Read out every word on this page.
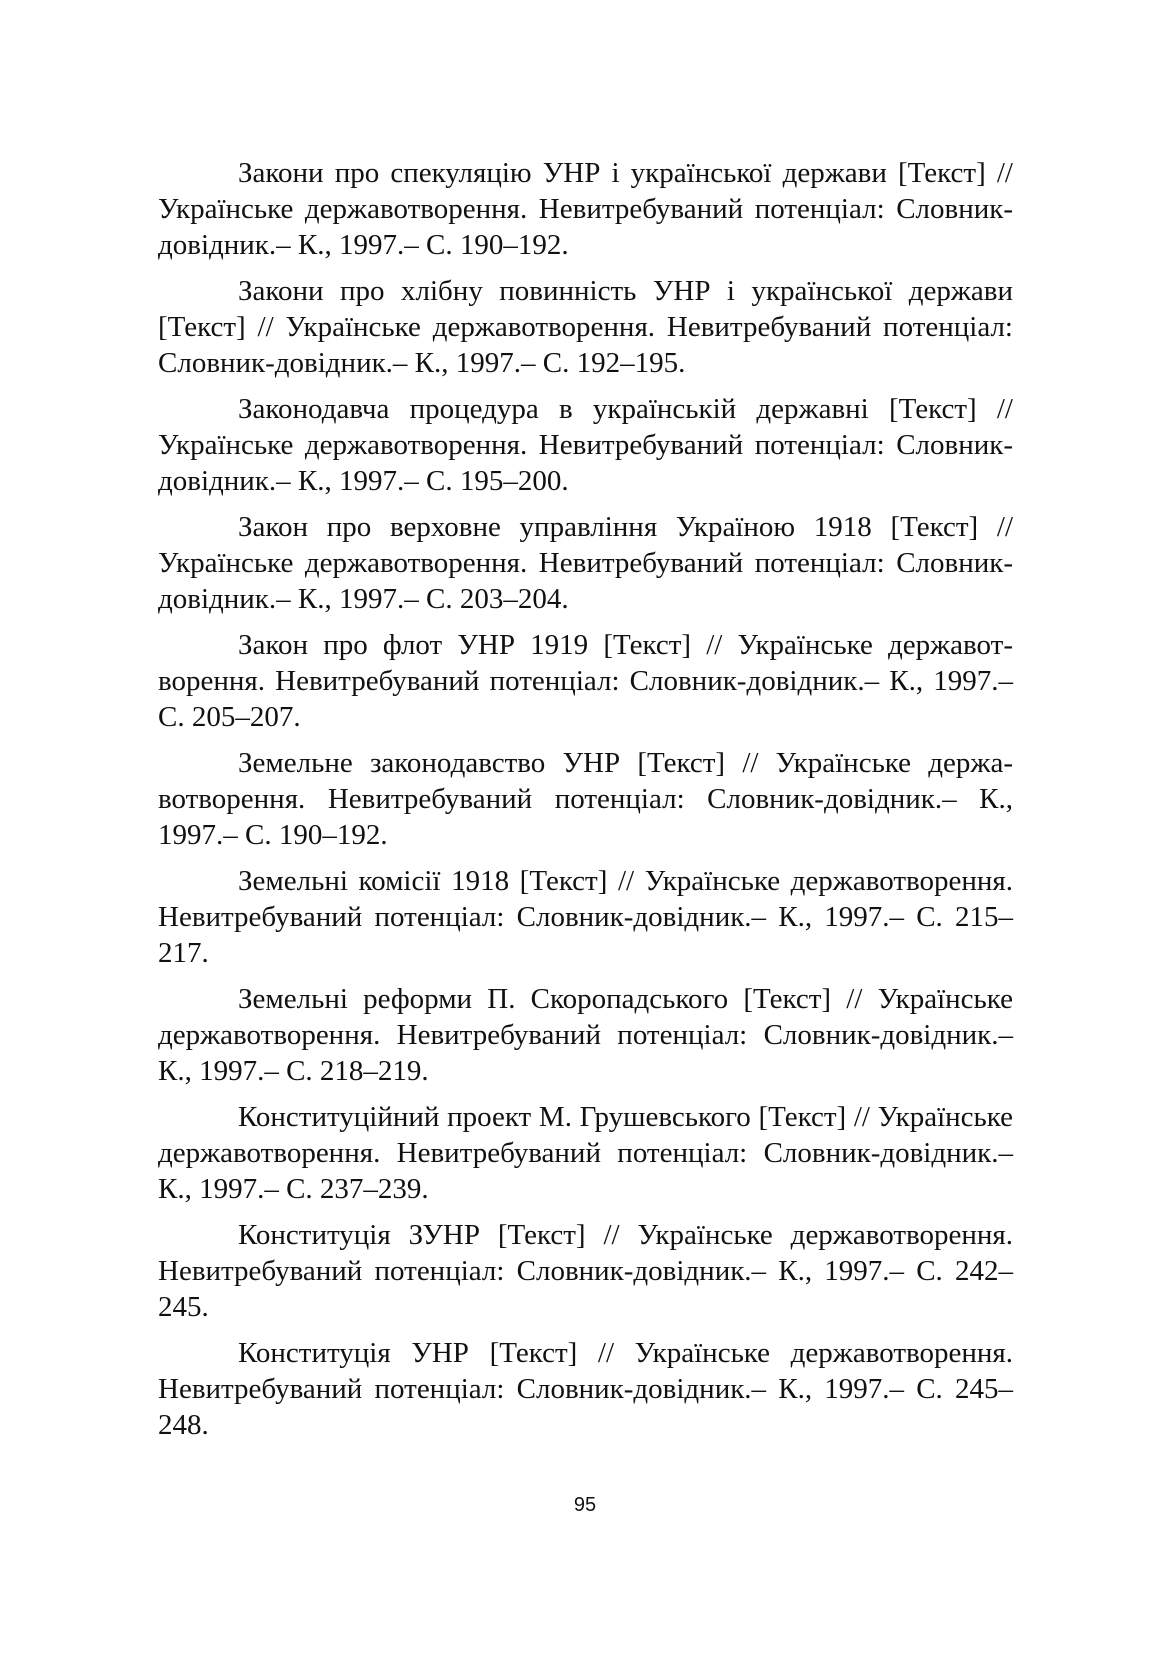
Закони про спекуляцію УНР і української держави [Текст] // Українське державотворення. Невитребуваний потенціал: Словник-довідник.– К., 1997.– С. 190–192.

Закони про хлібну повинність УНР і української держави [Текст] // Українське державотворення. Невитребуваний потенціал: Словник-довідник.– К., 1997.– С. 192–195.

Законодавча процедура в українській державні [Текст] // Українське державотворення. Невитребуваний потенціал: Словник-довідник.– К., 1997.– С. 195–200.

Закон про верховне управління Україною 1918 [Текст] // Українське державотворення. Невитребуваний потенціал: Словник-довідник.– К., 1997.– С. 203–204.

Закон про флот УНР 1919 [Текст] // Українське державотворення. Невитребуваний потенціал: Словник-довідник.– К., 1997.– С. 205–207.

Земельне законодавство УНР [Текст] // Українське державотворення. Невитребуваний потенціал: Словник-довідник.– К., 1997.– С. 190–192.

Земельні комісії 1918 [Текст] // Українське державотворення. Невитребуваний потенціал: Словник-довідник.– К., 1997.– С. 215–217.

Земельні реформи П. Скоропадського [Текст] // Українське державотворення. Невитребуваний потенціал: Словник-довідник.– К., 1997.– С. 218–219.

Конституційний проект М. Грушевського [Текст] // Українське державотворення. Невитребуваний потенціал: Словник-довідник.– К., 1997.– С. 237–239.

Конституція ЗУНР [Текст] // Українське державотворення. Невитребуваний потенціал: Словник-довідник.– К., 1997.– С. 242–245.

Конституція УНР [Текст] // Українське державотворення. Невитребуваний потенціал: Словник-довідник.– К., 1997.– С. 245–248.

95
